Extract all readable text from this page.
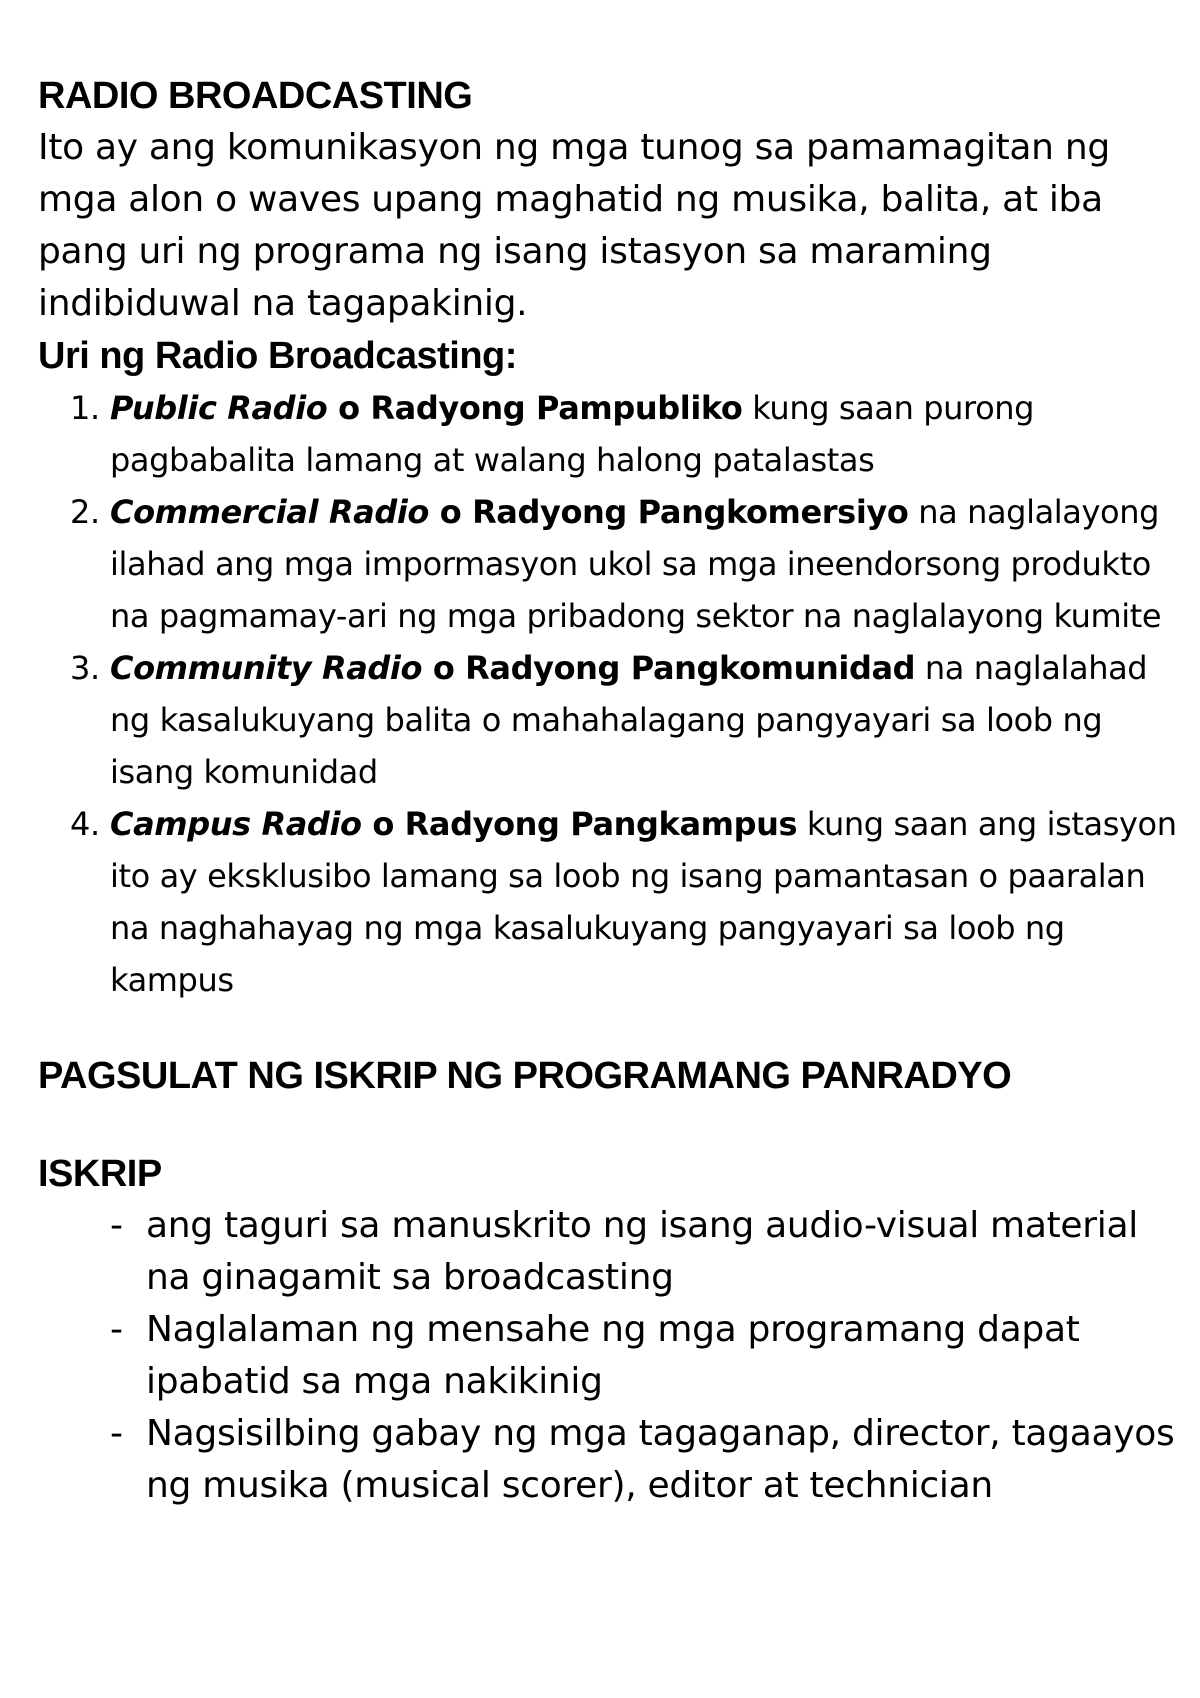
RADIO BROADCASTING

Ito ay ang komunikasyon ng mga tunog sa pamamagitan ng mga alon o waves upang maghatid ng musika, balita, at iba pang uri ng programa ng isang istasyon sa maraming indibiduwal na tagapakinig.

Uri ng Radio Broadcasting:
1. Public Radio o Radyong Pampubliko kung saan purong pagbabalita lamang at walang halong patalastas
2. Commercial Radio o Radyong Pangkomersiyo na naglalayong ilahad ang mga impormasyon ukol sa mga ineendorsong produkto na pagmamay-ari ng mga pribadong sektor na naglalayong kumite
3. Community Radio o Radyong Pangkomunidad na naglalahad ng kasalukuyang balita o mahahalagang pangyayari sa loob ng isang komunidad
4. Campus Radio o Radyong Pangkampus kung saan ang istasyon ito ay eksklusibo lamang sa loob ng isang pamantasan o paaralan na naghahayag ng mga kasalukuyang pangyayari sa loob ng kampus
PAGSULAT NG ISKRIP NG PROGRAMANG PANRADYO
ISKRIP
- ang taguri sa manuskrito ng isang audio-visual material na ginagamit sa broadcasting
- Naglalaman ng mensahe ng mga programang dapat ipabatid sa mga nakikinig
- Nagsisilbing gabay ng mga tagaganap, director, tagaayos ng musika (musical scorer), editor at technician
